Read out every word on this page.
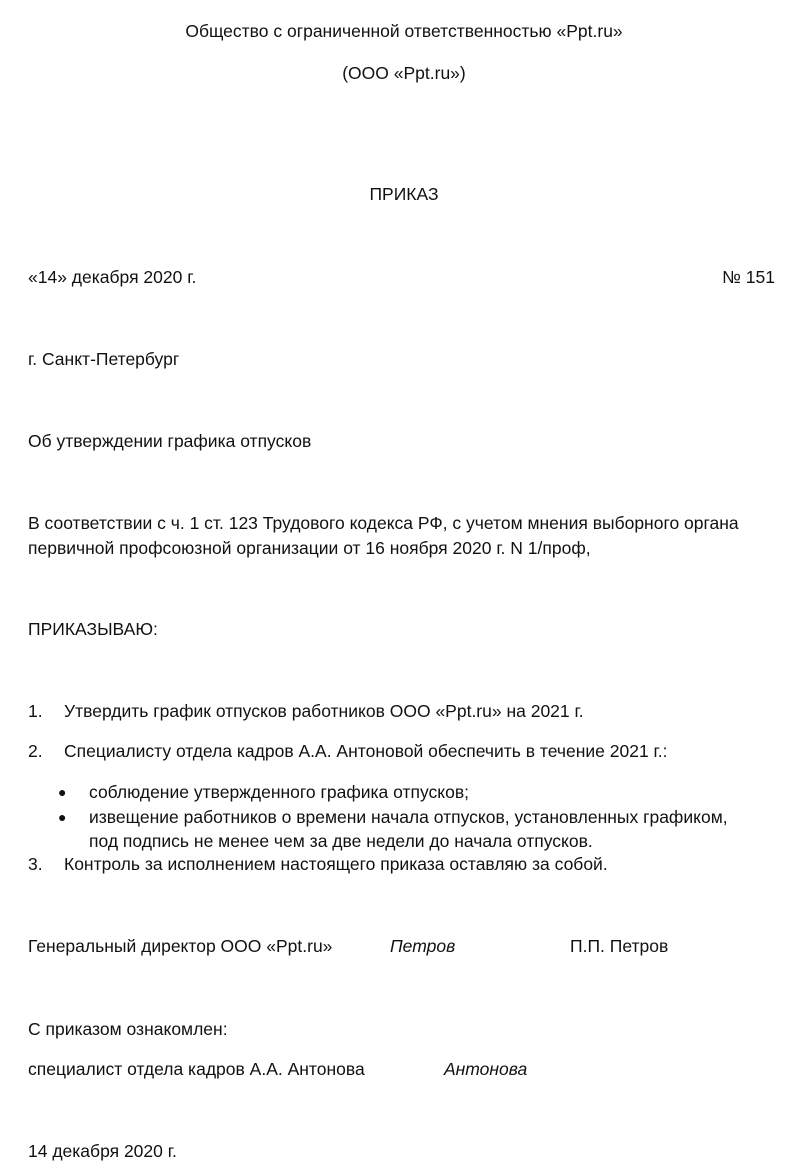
Общество с ограниченной ответственностью «Ppt.ru»
(ООО «Ppt.ru»)
ПРИКАЗ
«14» декабря 2020 г.	№ 151
г. Санкт-Петербург
Об утверждении графика отпусков
В соответствии с ч. 1 ст. 123 Трудового кодекса РФ, с учетом мнения выборного органа
первичной профсоюзной организации от 16 ноября 2020 г. N 1/проф,
ПРИКАЗЫВАЮ:
1. Утвердить график отпусков работников ООО «Ppt.ru» на 2021 г.
2. Специалисту отдела кадров А.А. Антоновой обеспечить в течение 2021 г.:
● соблюдение утвержденного графика отпусков;
● извещение работников о времени начала отпусков, установленных графиком,
под подпись не менее чем за две недели до начала отпусков.
3. Контроль за исполнением настоящего приказа оставляю за собой.
Генеральный директор ООО «Ppt.ru»	Петров	П.П. Петров
С приказом ознакомлен:
специалист отдела кадров А.А. Антонова	Антонова
14 декабря 2020 г.
